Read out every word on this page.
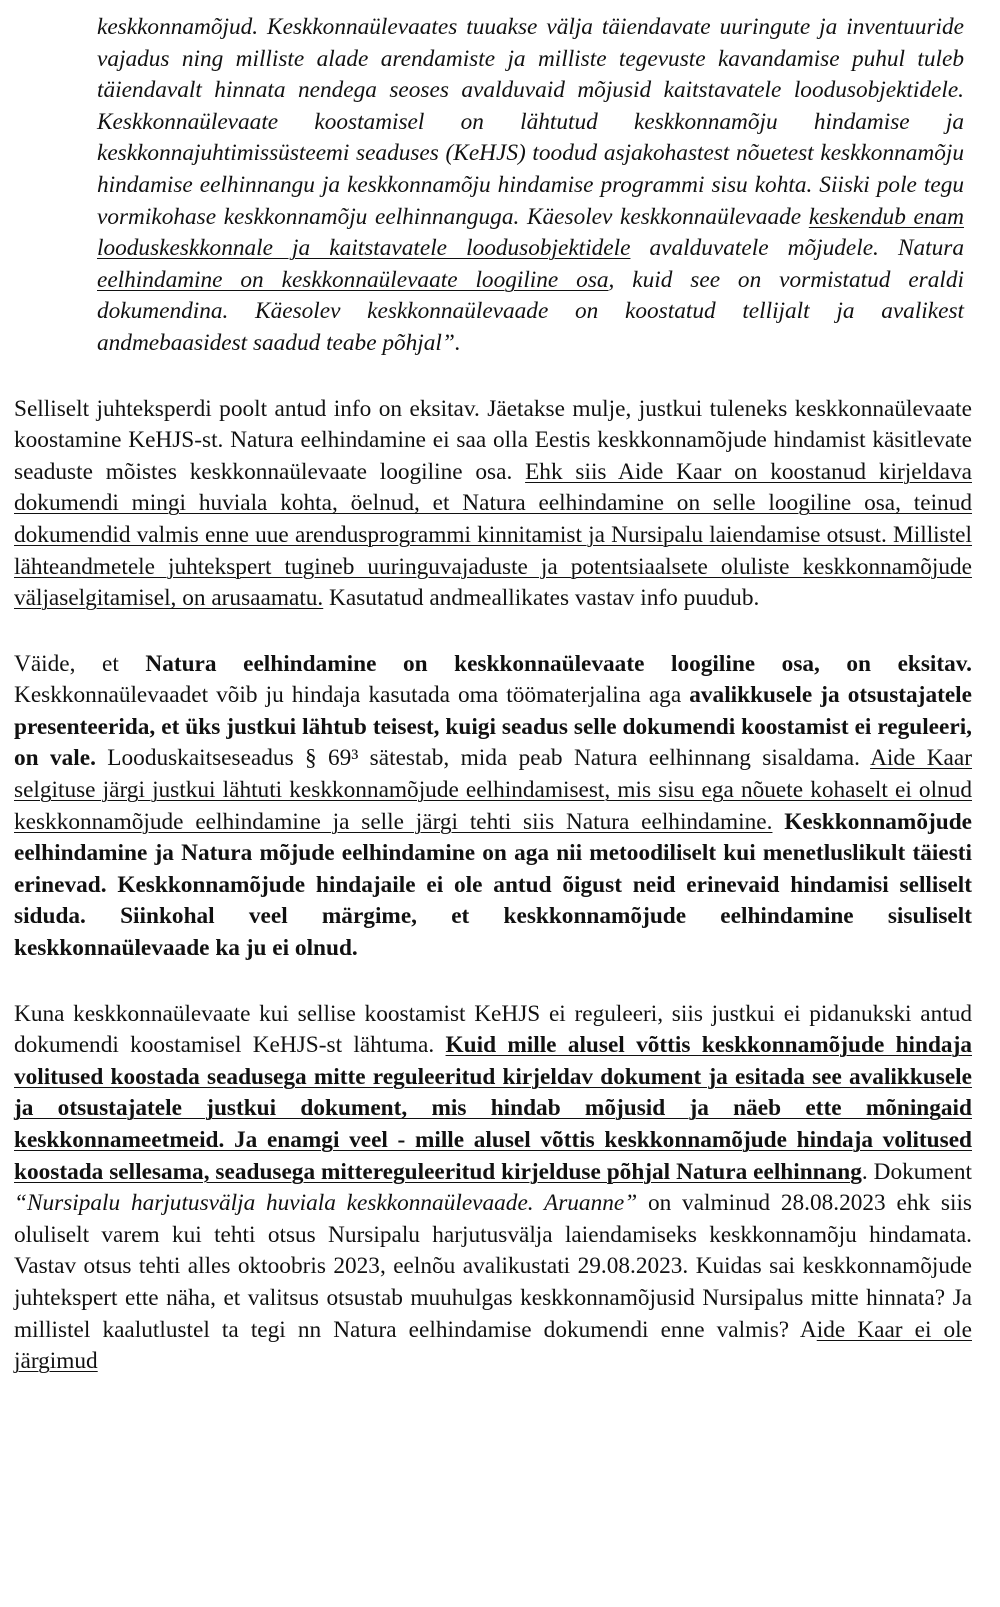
keskkonnamõjud. Keskkonnaülevaates tuuakse välja täiendavate uuringute ja inventuuride vajadus ning milliste alade arendamiste ja milliste tegevuste kavandamise puhul tuleb täiendavalt hinnata nendega seoses avalduvaid mõjusid kaitstavatele loodusobjektidele. Keskkonnaülevaate koostamisel on lähtutud keskkonnamõju hindamise ja keskkonnajuhtimissüsteemi seaduses (KeHJS) toodud asjakohastest nõuetest keskkonnamõju hindamise eelhinnangu ja keskkonnamõju hindamise programmi sisu kohta. Siiski pole tegu vormikohase keskkonnamõju eelhinnanguga. Käesolev keskkonnaülevaade keskendub enam looduskeskkonnale ja kaitstavatele loodusobjektidele avalduvatele mõjudele. Natura eelhindamine on keskkonnaülevaate loogiline osa, kuid see on vormistatud eraldi dokumendina. Käesolev keskkonnaülevaade on koostatud tellijalt ja avalikest andmebaasidest saadud teabe põhjal”.

Selliselt juhteksperdi poolt antud info on eksitav. Jäetakse mulje, justkui tuleneks keskkonnaülevaate koostamine KeHJS-st. Natura eelhindamine ei saa olla Eestis keskkonnamõjude hindamist käsitlevate seaduste mõistes keskkonnaülevaate loogiline osa. Ehk siis Aide Kaar on koostanud kirjeldava dokumendi mingi huviala kohta, öelnud, et Natura eelhindamine on selle loogiline osa, teinud dokumendid valmis enne uue arendusprogrammi kinnitamist ja Nursipalu laiendamise otsust. Millistel lähteandmetele juhtekspert tugineb uuringuvajaduste ja potentsiaalsete oluliste keskkonnamõjude väljaselgitamisel, on arusaamatu. Kasutatud andmeallikates vastav info puudub.

Väide, et Natura eelhindamine on keskkonnaülevaate loogiline osa, on eksitav. Keskkonnaülevaadet võib ju hindaja kasutada oma töömaterjalina aga avalikkusele ja otsustajatele presenteerida, et üks justkui lähtub teisest, kuigi seadus selle dokumendi koostamist ei reguleeri, on vale. Looduskaitseseadus § 69³ sätestab, mida peab Natura eelhinnang sisaldama. Aide Kaar selgituse järgi justkui lähtuti keskkonnamõjude eelhindamisest, mis sisu ega nõuete kohaselt ei olnud keskkonnamõjude eelhindamine ja selle järgi tehti siis Natura eelhindamine. Keskkonnamõjude eelhindamine ja Natura mõjude eelhindamine on aga nii metoodiliselt kui menetluslikult täiesti erinevad. Keskkonnamõjude hindajaile ei ole antud õigust neid erinevaid hindamisi selliselt siduda. Siinkohal veel märgime, et keskkonnamõjude eelhindamine sisuliselt keskkonnaülevaade ka ju ei olnud.

Kuna keskkonnaülevaate kui sellise koostamist KeHJS ei reguleeri, siis justkui ei pidanukski antud dokumendi koostamisel KeHJS-st lähtuma. Kuid mille alusel võttis keskkonnamõjude hindaja volitused koostada seadusega mitte reguleeritud kirjeldav dokument ja esitada see avalikkusele ja otsustajatele justkui dokument, mis hindab mõjusid ja näeb ette mõningaid keskkonnameetmeid. Ja enamgi veel - mille alusel võttis keskkonnamõjude hindaja volitused koostada sellesama, seadusega mittereguleeritud kirjelduse põhjal Natura eelhinnang. Dokument “Nursipalu harjutusvälja huviala keskkonnaülevaade. Aruanne” on valminud 28.08.2023 ehk siis oluliselt varem kui tehti otsus Nursipalu harjutusvälja laiendamiseks keskkonnamõju hindamata. Vastav otsus tehti alles oktoobris 2023, eelnõu avalikustati 29.08.2023. Kuidas sai keskkonnamõjude juhtekspert ette näha, et valitsus otsustab muuhulgas keskkonnamõjusid Nursipalus mitte hinnata? Ja millistel kaalutlustel ta tegi nn Natura eelhindamise dokumendi enne valmis? Aide Kaar ei ole järgimud
